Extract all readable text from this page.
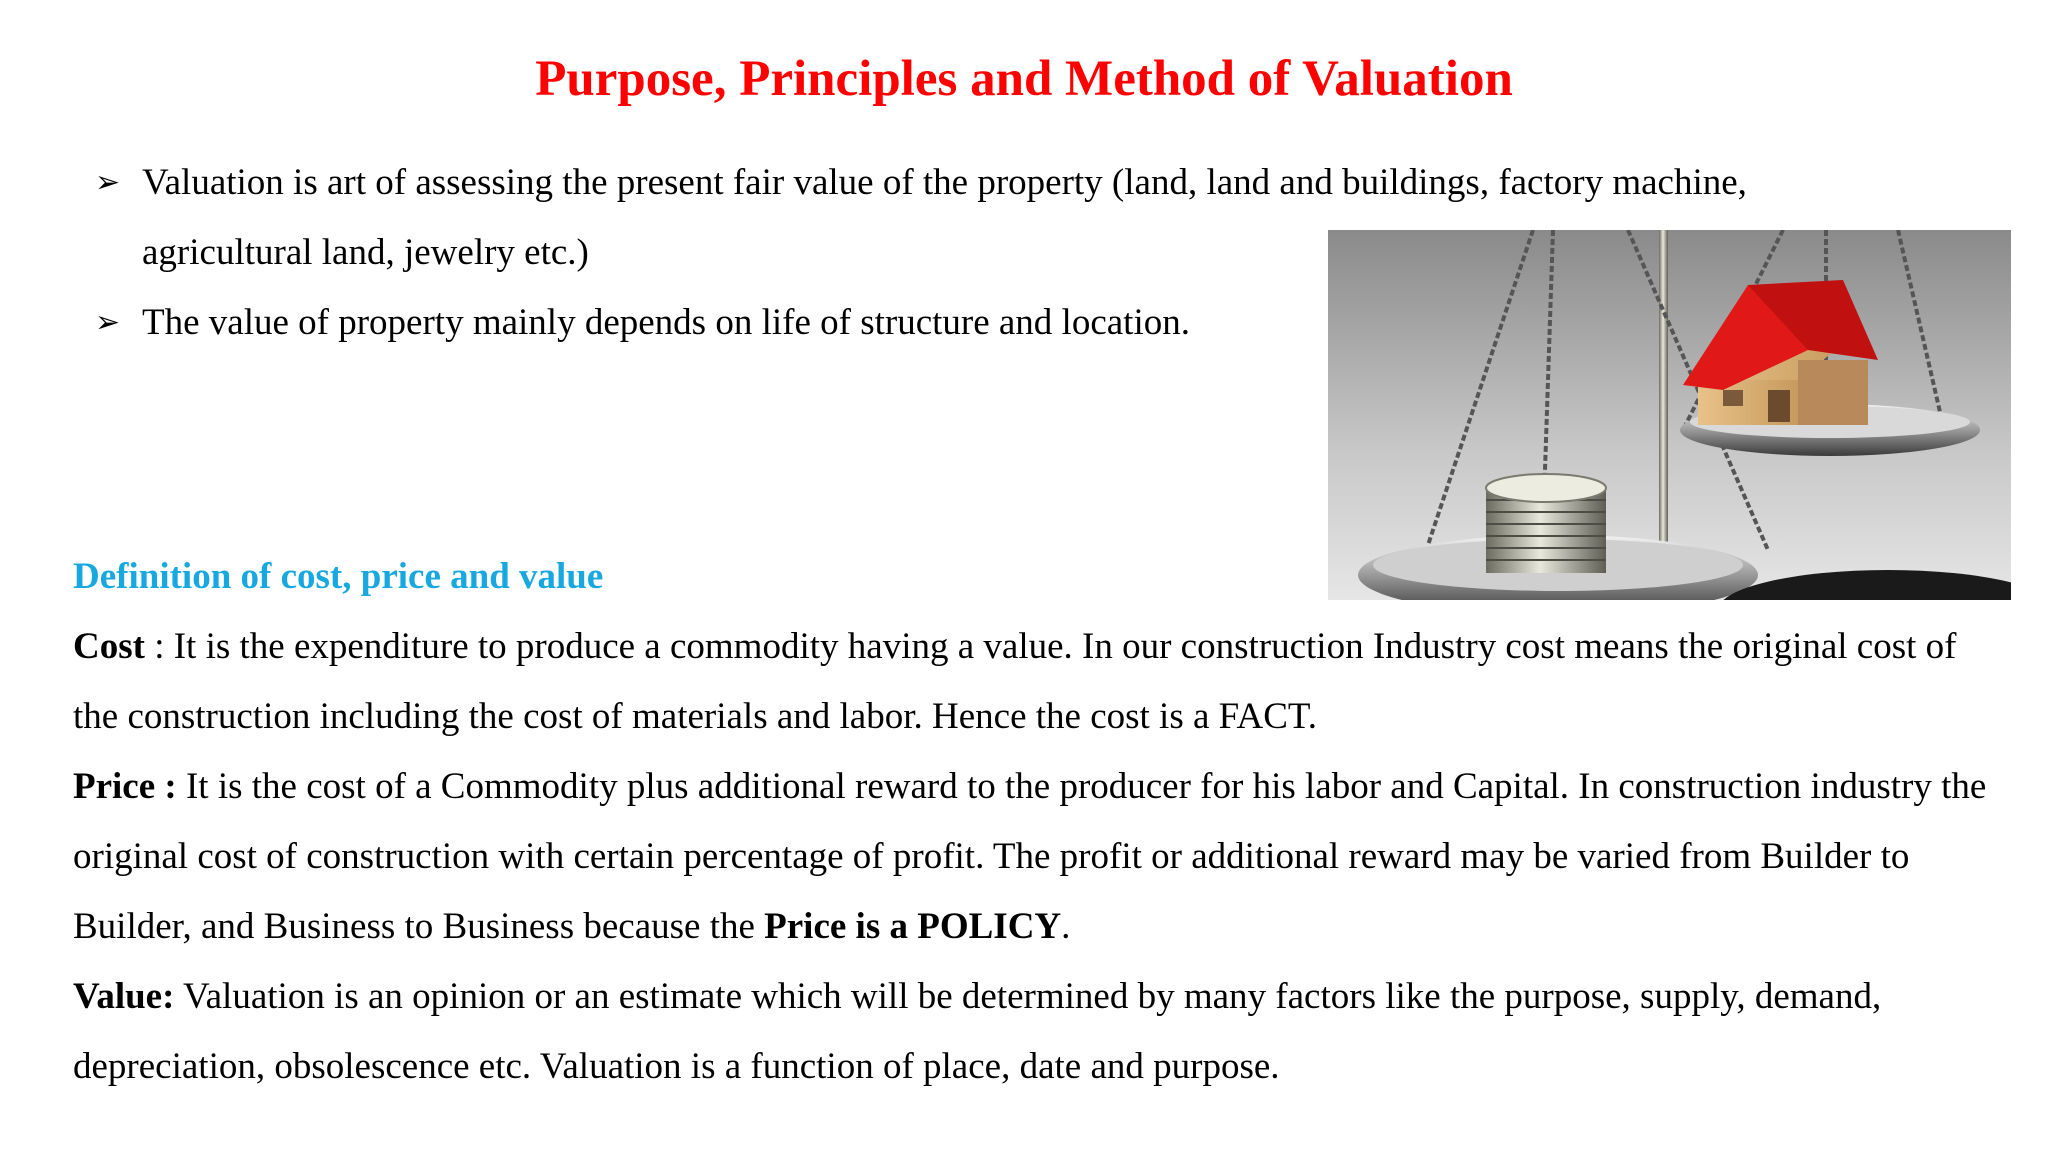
Purpose, Principles and Method of Valuation
➢ Valuation is art of assessing the present fair value of the property (land, land and buildings, factory machine, agricultural land, jewelry etc.)
➢ The value of property mainly depends on life of structure and location.

Definition of cost, price and value

Cost : It is the expenditure to produce a commodity having a value. In our construction Industry cost means the original cost of the construction including the cost of materials and labor. Hence the cost is a FACT.

Price : It is the cost of a Commodity plus additional reward to the producer for his labor and Capital. In construction industry the original cost of construction with certain percentage of profit. The profit or additional reward may be varied from Builder to Builder, and Business to Business because the Price is a POLICY.

Value: Valuation is an opinion or an estimate which will be determined by many factors like the purpose, supply, demand, depreciation, obsolescence etc. Valuation is a function of place, date and purpose.
